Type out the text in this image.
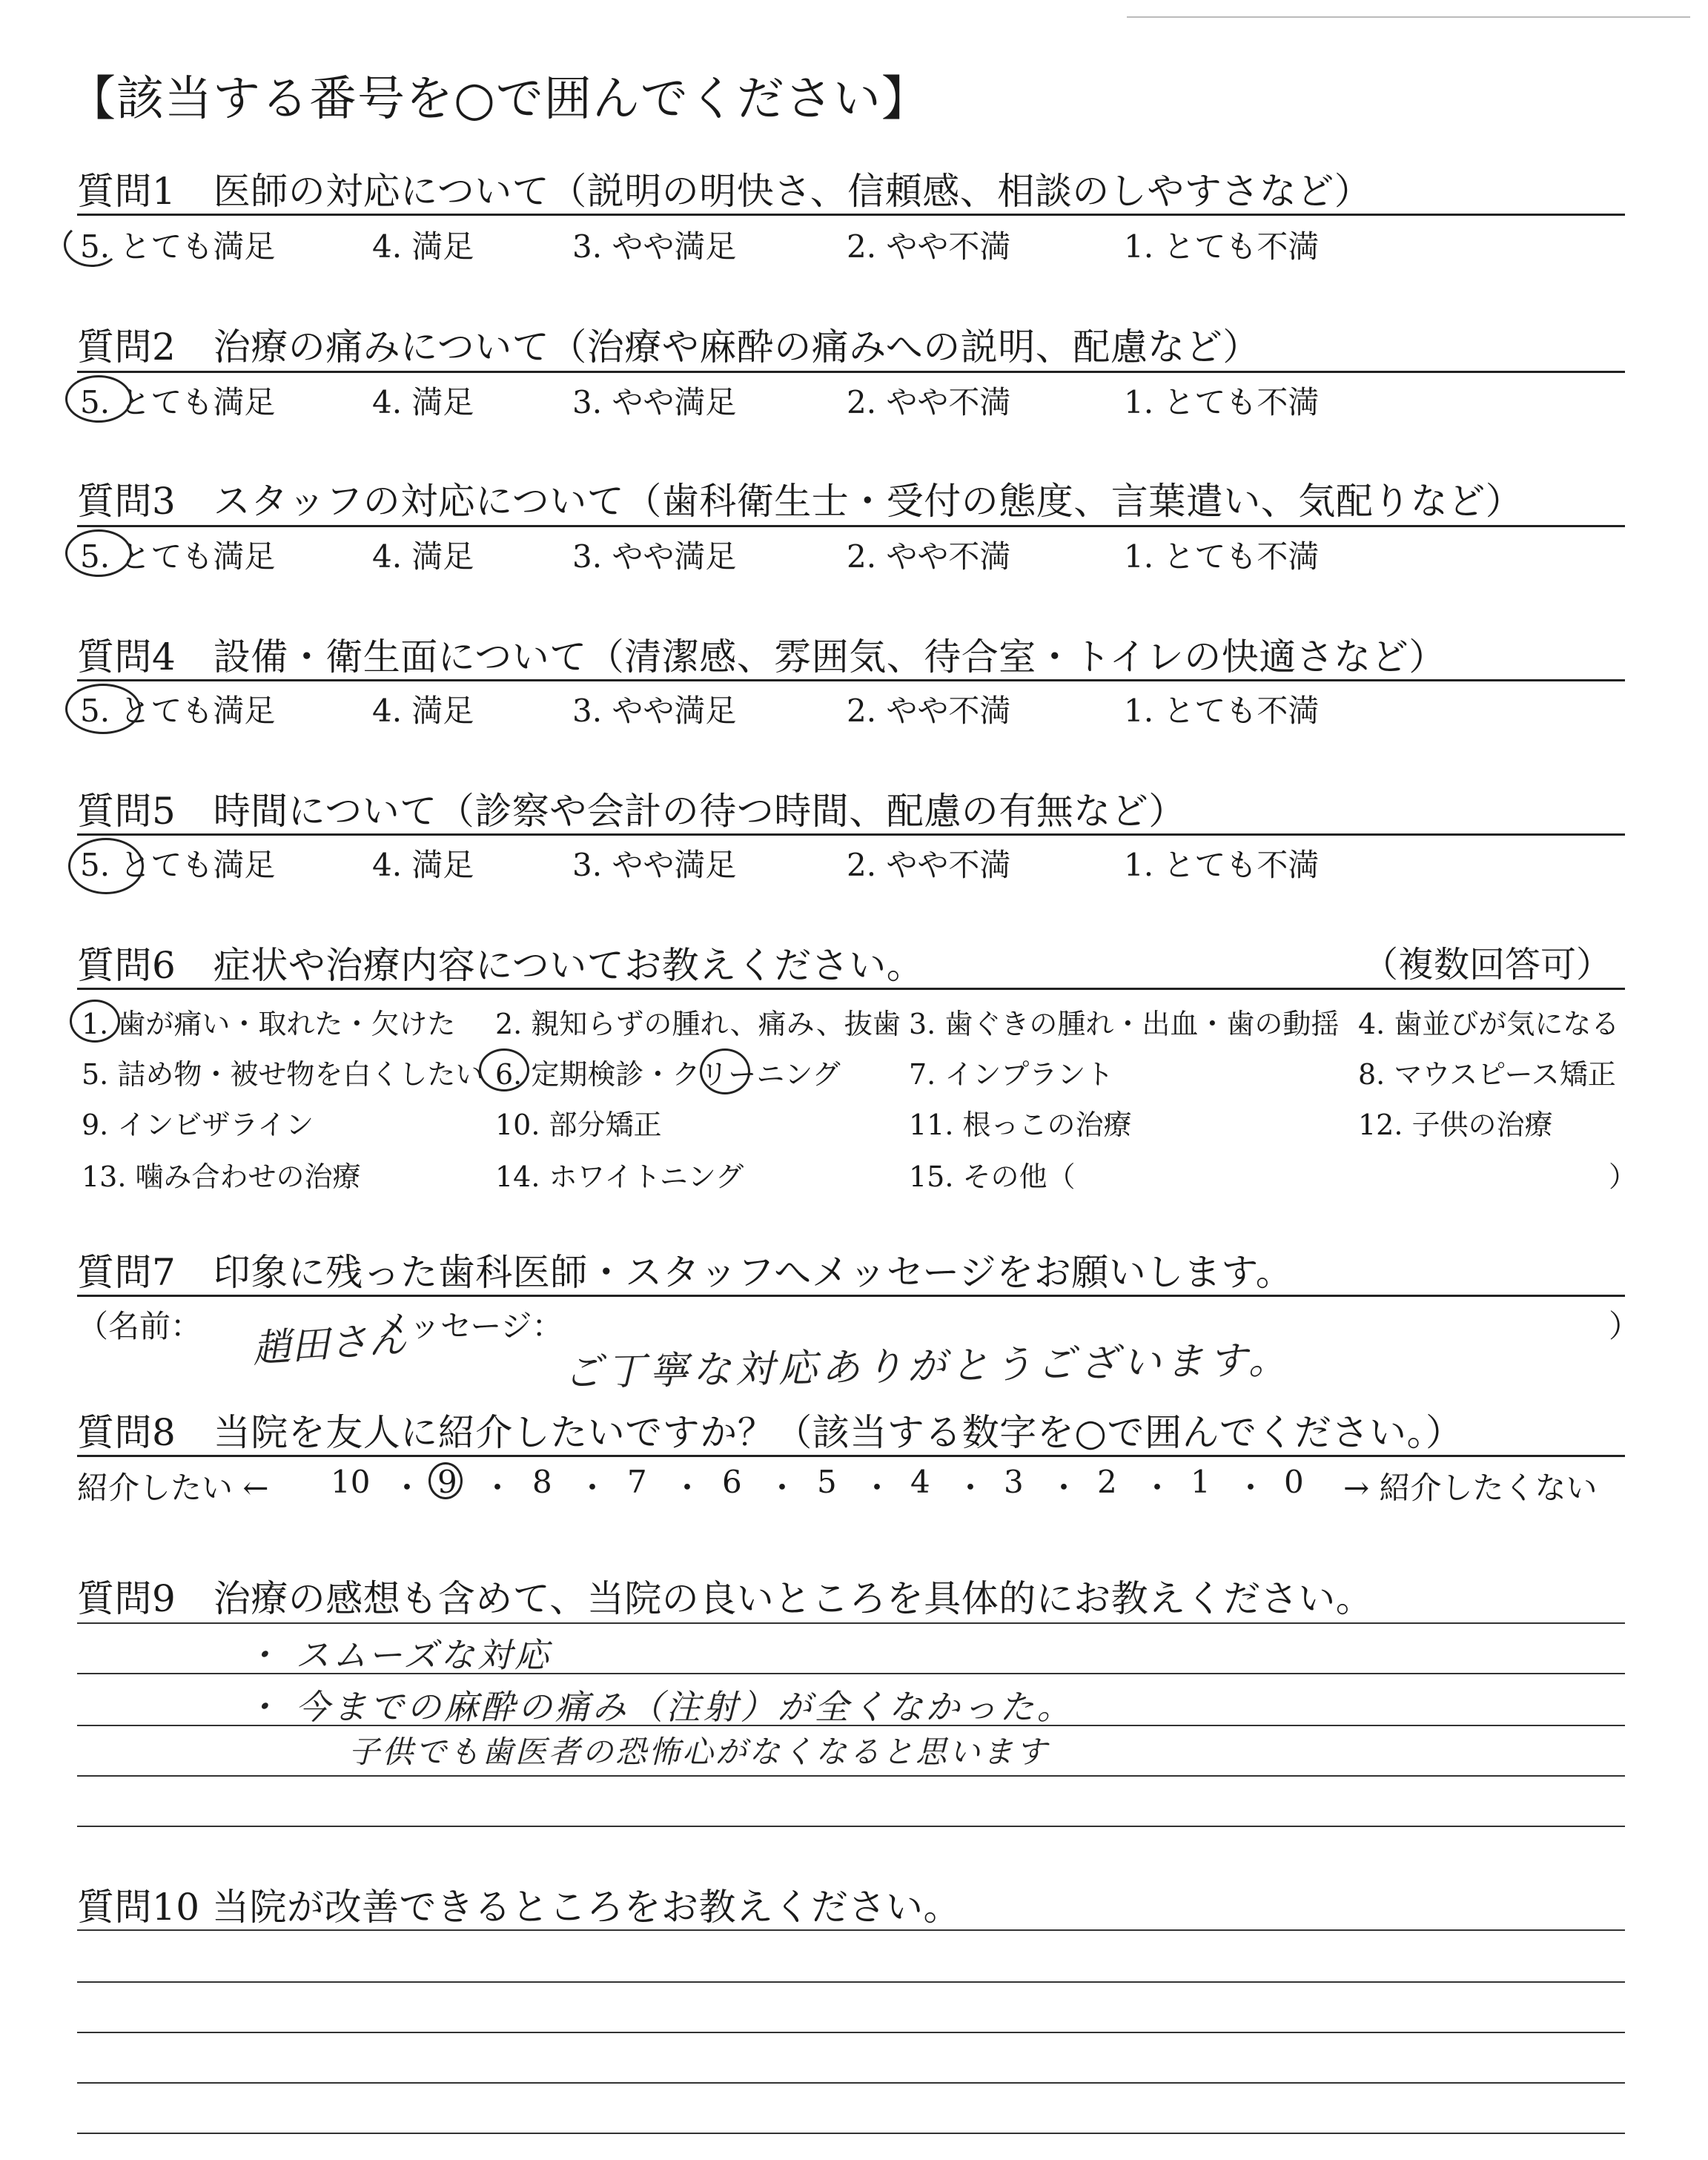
【該当する番号を○で囲んでください】
質問1　医師の対応について（説明の明快さ、信頼感、相談のしやすさなど）
5. とても満足	4. 満足	3. やや満足	2. やや不満	1. とても不満
質問2　治療の痛みについて（治療や麻酔の痛みへの説明、配慮など）
5. とても満足	4. 満足	3. やや満足	2. やや不満	1. とても不満
質問3　スタッフの対応について（歯科衛生士・受付の態度、言葉遣い、気配りなど）
5. とても満足	4. 満足	3. やや満足	2. やや不満	1. とても不満
質問4　設備・衛生面について（清潔感、雰囲気、待合室・トイレの快適さなど）
5. とても満足	4. 満足	3. やや満足	2. やや不満	1. とても不満
質問5　時間について（診察や会計の待つ時間、配慮の有無など）
5. とても満足	4. 満足	3. やや満足	2. やや不満	1. とても不満
質問6　症状や治療内容についてお教えください。	（複数回答可）
1. 歯が痛い・取れた・欠けた 2. 親知らずの腫れ、痛み、抜歯 3. 歯ぐきの腫れ・出血・歯の動揺 4. 歯並びが気になる
5. 詰め物・被せ物を白くしたい 6. 定期検診・クリーニング 7. インプラント	8. マウスピース矯正
9. インビザライン	10. 部分矯正	11. 根っこの治療	12. 子供の治療
13. 噛み合わせの治療	14. ホワイトニング	15. その他（	）
質問7　印象に残った歯科医師・スタッフへメッセージをお願いします。
（名前：	メッセージ：	）
趙田さん	ご丁寧な対応ありがとうございます。
質問8　当院を友人に紹介したいですか？（該当する数字を○で囲んでください。）
紹介したい ←	→ 紹介したくない
10 ・ 9 ・ 8 ・ 7 ・ 6 ・ 5 ・ 4 ・ 3 ・ 2 ・ 1 ・ 0
質問9　治療の感想も含めて、当院の良いところを具体的にお教えください。
・ スムーズな対応
・ 今までの麻酔の痛み（注射）が全くなかった。
子供でも歯医者の恐怖心がなくなると思います
質問10 当院が改善できるところをお教えください。
